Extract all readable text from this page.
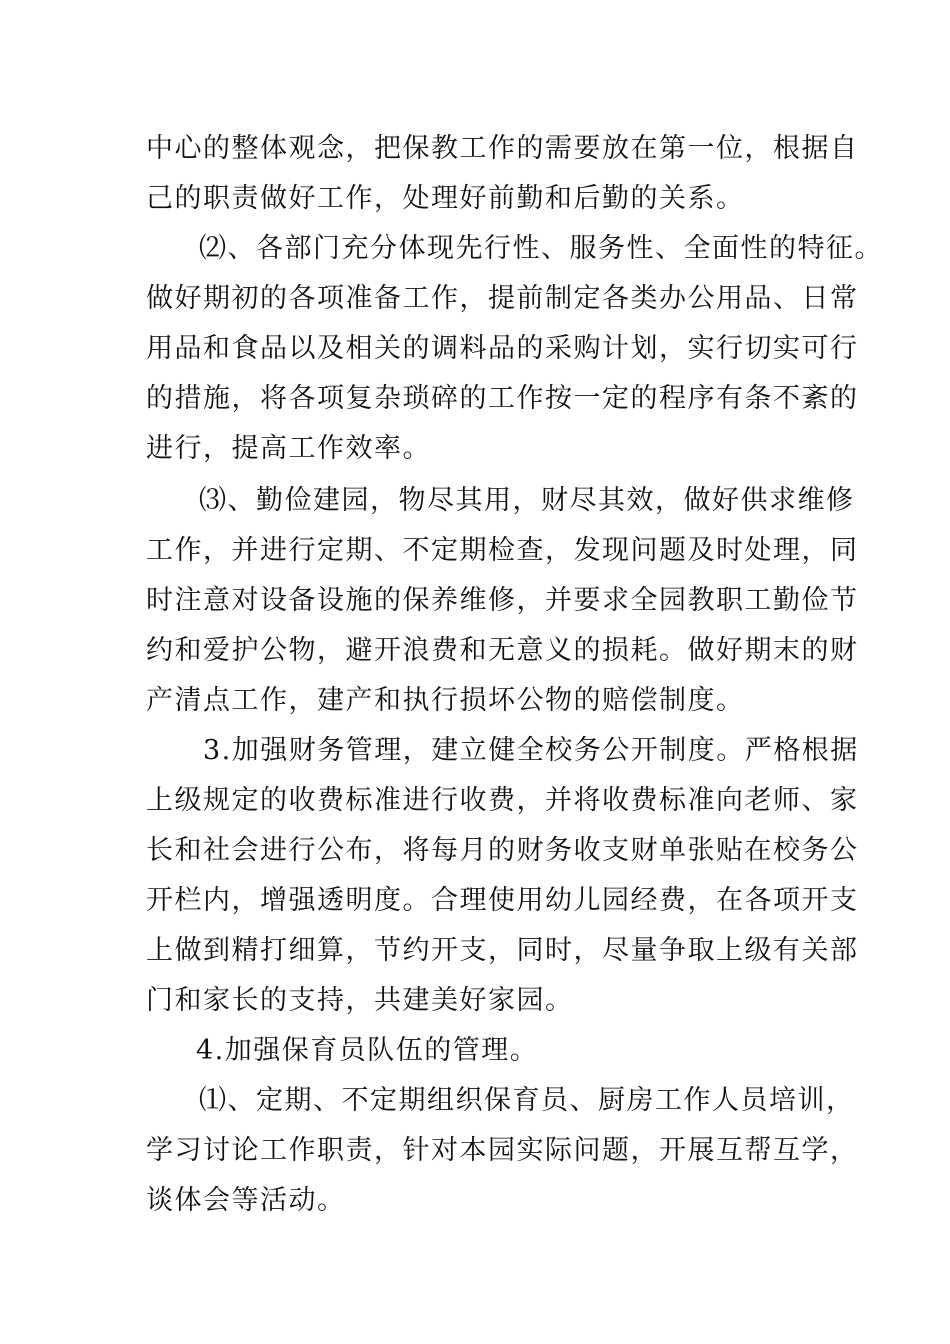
中心的整体观念，把保教工作的需要放在第一位，根据自
己的职责做好工作，处理好前勤和后勤的关系。
⑵、各部门充分体现先行性、服务性、全面性的特征。
做好期初的各项准备工作，提前制定各类办公用品、日常
用品和食品以及相关的调料品的采购计划，实行切实可行
的措施，将各项复杂琐碎的工作按一定的程序有条不紊的
进行，提高工作效率。
⑶、勤俭建园，物尽其用，财尽其效，做好供求维修
工作，并进行定期、不定期检查，发现问题及时处理，同
时注意对设备设施的保养维修，并要求全园教职工勤俭节
约和爱护公物，避开浪费和无意义的损耗。做好期末的财
产清点工作，建产和执行损坏公物的赔偿制度。
3.加强财务管理，建立健全校务公开制度。严格根据
上级规定的收费标准进行收费，并将收费标准向老师、家
长和社会进行公布，将每月的财务收支财单张贴在校务公
开栏内，增强透明度。合理使用幼儿园经费，在各项开支
上做到精打细算，节约开支，同时，尽量争取上级有关部
门和家长的支持，共建美好家园。
4.加强保育员队伍的管理。
⑴、定期、不定期组织保育员、厨房工作人员培训，
学习讨论工作职责，针对本园实际问题，开展互帮互学，
谈体会等活动。
